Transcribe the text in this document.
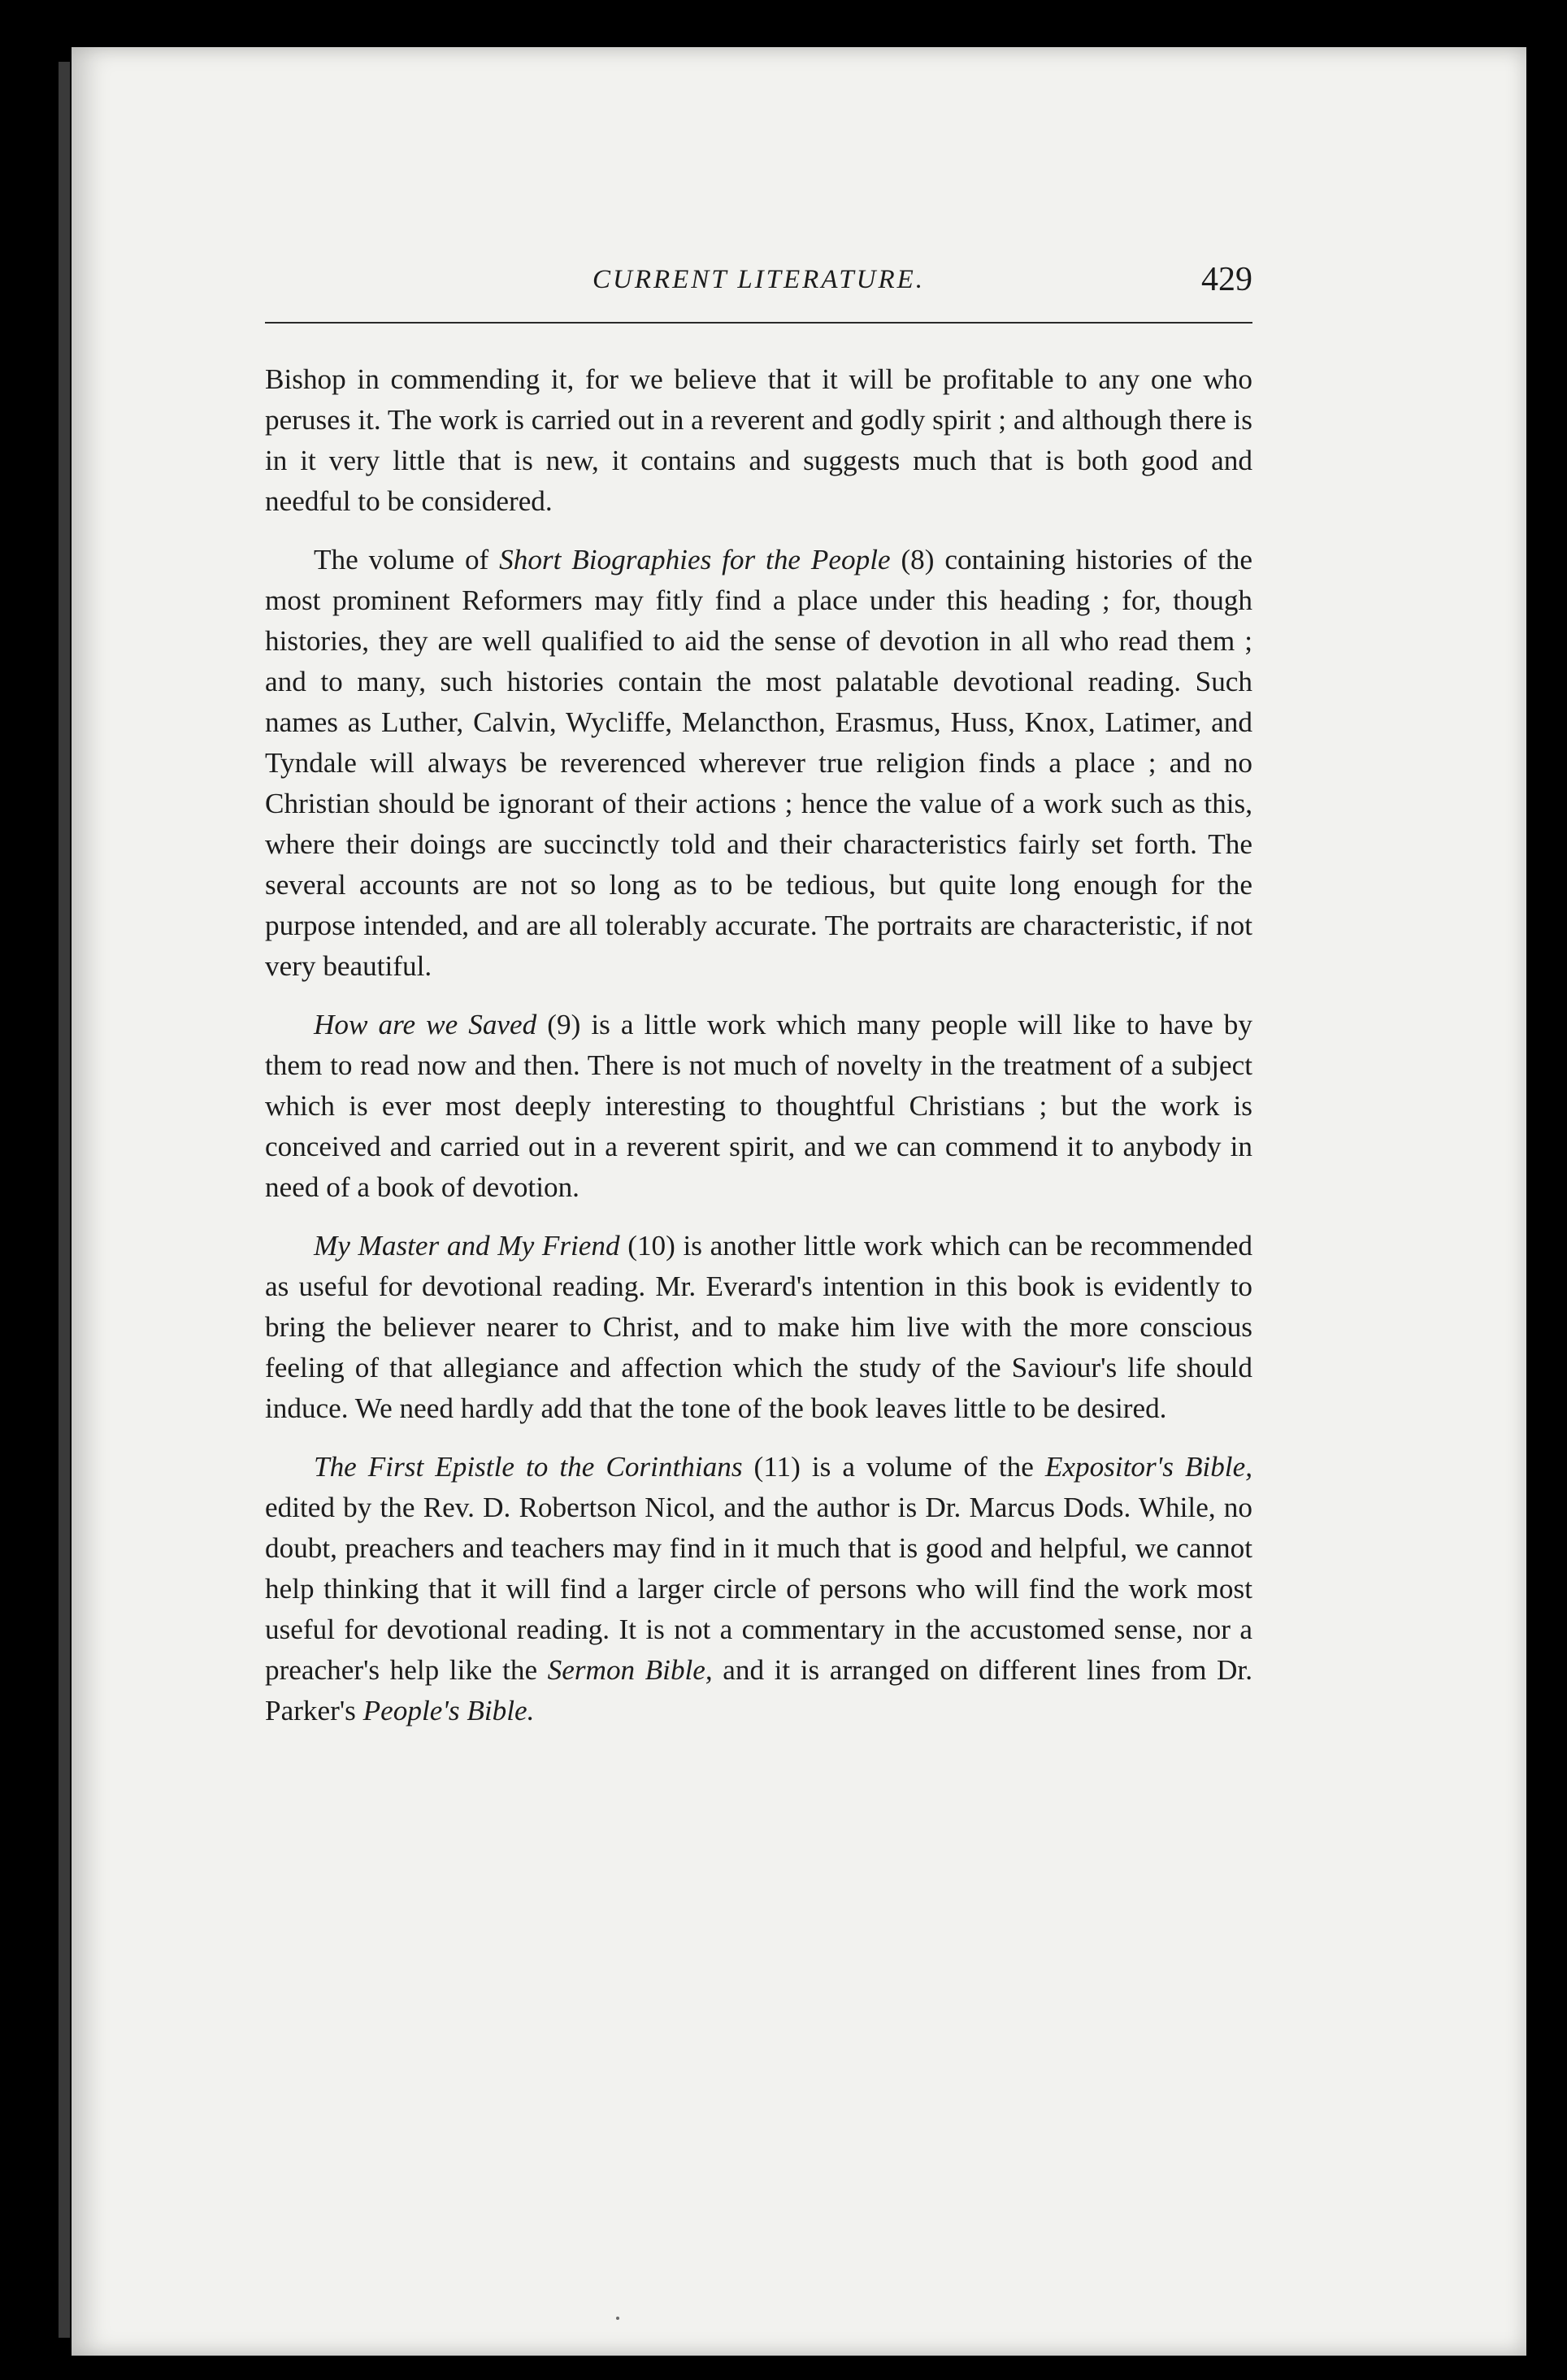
CURRENT LITERATURE.	429

Bishop in commending it, for we believe that it will be profitable to any one who peruses it. The work is carried out in a reverent and godly spirit ; and although there is in it very little that is new, it contains and suggests much that is both good and needful to be considered.

The volume of Short Biographies for the People (8) containing histories of the most prominent Reformers may fitly find a place under this heading ; for, though histories, they are well qualified to aid the sense of devotion in all who read them ; and to many, such histories contain the most palatable devotional reading. Such names as Luther, Calvin, Wycliffe, Melancthon, Erasmus, Huss, Knox, Latimer, and Tyndale will always be reverenced wherever true religion finds a place ; and no Christian should be ignorant of their actions ; hence the value of a work such as this, where their doings are succinctly told and their characteristics fairly set forth. The several accounts are not so long as to be tedious, but quite long enough for the purpose intended, and are all tolerably accurate. The portraits are characteristic, if not very beautiful.

How are we Saved (9) is a little work which many people will like to have by them to read now and then. There is not much of novelty in the treatment of a subject which is ever most deeply interesting to thoughtful Christians ; but the work is conceived and carried out in a reverent spirit, and we can commend it to anybody in need of a book of devotion.

My Master and My Friend (10) is another little work which can be recommended as useful for devotional reading. Mr. Everard's intention in this book is evidently to bring the believer nearer to Christ, and to make him live with the more conscious feeling of that allegiance and affection which the study of the Saviour's life should induce. We need hardly add that the tone of the book leaves little to be desired.

The First Epistle to the Corinthians (11) is a volume of the Expositor's Bible, edited by the Rev. D. Robertson Nicol, and the author is Dr. Marcus Dods. While, no doubt, preachers and teachers may find in it much that is good and helpful, we cannot help thinking that it will find a larger circle of persons who will find the work most useful for devotional reading. It is not a commentary in the accustomed sense, nor a preacher's help like the Sermon Bible, and it is arranged on different lines from Dr. Parker's People's Bible.
